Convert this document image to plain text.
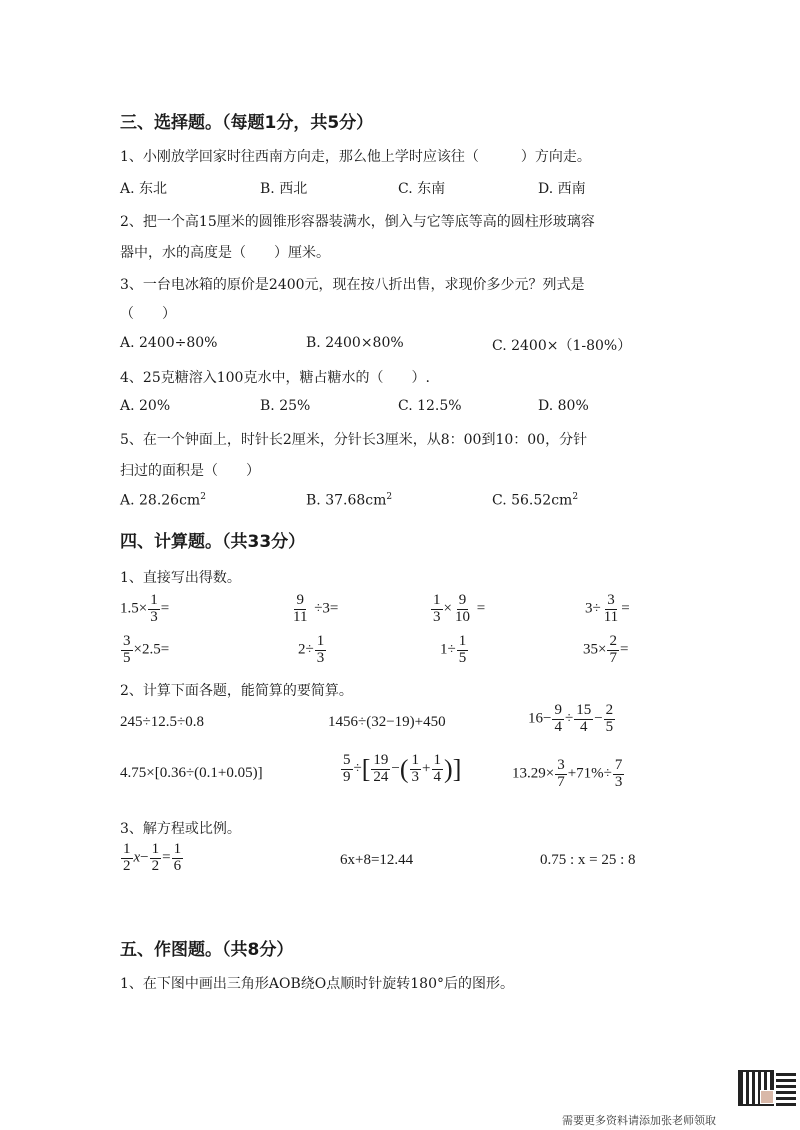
三、选择题。（每题1分，共5分）
1、小刚放学回家时往西南方向走，那么他上学时应该往（　　　）方向走。
A. 东北	B. 西北	C. 东南	D. 西南
2、把一个高15厘米的圆锥形容器装满水，倒入与它等底等高的圆柱形玻璃容
器中，水的高度是（　　）厘米。
3、一台电冰箱的原价是2400元，现在按八折出售，求现价多少元？列式是
（　　）
A. 2400÷80%	B. 2400×80%	C. 2400×（1-80%）
4、25克糖溶入100克水中，糖占糖水的（　　）.
A. 20%	B. 25%	C. 12.5%	D. 80%
5、在一个钟面上，时针长2厘米，分针长3厘米，从8：00到10：00，分针
扫过的面积是（　　）
A. $28.26cm^2$	B. $37.68cm^2$	C. $56.52cm^2$
四、计算题。（共33分）
1、直接写出得数。
$1.5\times \frac{1}{3}$ =	$\frac{9}{11} \div 3=$	$\frac{1}{3} \times \frac{9}{10}$ =	$3\div \frac{3}{11}$ =
$\frac{3}{5} \times 2.5=$	$2\div \frac{1}{3}$	$1\div \frac{1}{5}$	$35\times \frac{2}{7}$ =
2、计算下面各题，能简算的要简算。
245÷12.5÷0.8	1456÷(32−19)+450	$16- \frac{9}{4} \div \frac{15}{4} - \frac{2}{5}$
4.75×[0.36÷(0.1+0.05)]	$\frac{5}{9}$ ÷[ $\frac{19}{24}$ −( $\frac{1}{3} + \frac{1}{4}$ )]	$13.29\times \frac{3}{7} +71\%\div \frac{7}{3}$
3、解方程或比例。
$\frac{1}{2} x- \frac{1}{2} = \frac{1}{6}$	6x+8=12.44	0.75 : x = 25 : 8
五、作图题。（共8分）
1、在下图中画出三角形AOB绕O点顺时针旋转180°后的图形。
需要更多资料请添加张老师领取
